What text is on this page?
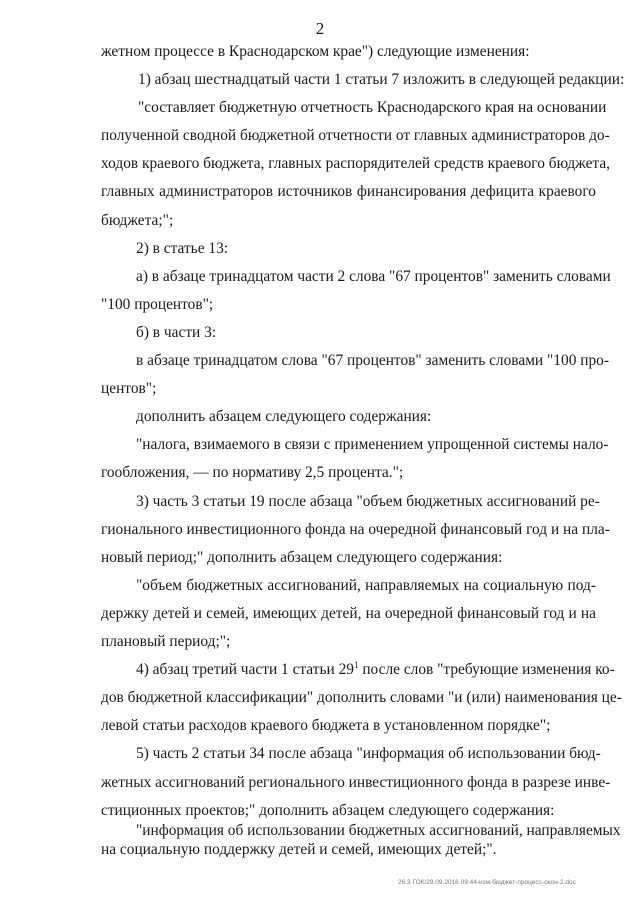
2

жетном процессе в Краснодарском крае") следующие изменения:

1) абзац шестнадцатый части 1 статьи 7 изложить в следующей редакции:

"составляет бюджетную отчетность Краснодарского края на основании

полученной сводной бюджетной отчетности от главных администраторов до-

ходов краевого бюджета, главных распорядителей средств краевого бюджета,

главных администраторов источников финансирования дефицита краевого

бюджета;";

2) в статье 13:

а) в абзаце тринадцатом части 2 слова "67 процентов" заменить словами

"100 процентов";

б) в части 3:

в абзаце тринадцатом слова "67 процентов" заменить словами "100 про-

центов";

дополнить абзацем следующего содержания:

"налога, взимаемого в связи с применением упрощенной системы нало-

гообложения, — по нормативу 2,5 процента.";

3) часть 3 статьи 19 после абзаца "объем бюджетных ассигнований ре-

гионального инвестиционного фонда на очередной финансовый год и на пла-

новый период;" дополнить абзацем следующего содержания:

"объем бюджетных ассигнований, направляемых на социальную под-

держку детей и семей, имеющих детей, на очередной финансовый год и на

плановый период;";

4) абзац третий части 1 статьи $29^1$ после слов "требующие изменения ко-

дов бюджетной классификации" дополнить словами "и (или) наименования це-

левой статьи расходов краевого бюджета в установленном порядке";

5) часть 2 статьи 34 после абзаца "информация об использовании бюд-

жетных ассигнований регионального инвестиционного фонда в разрезе инве-

стиционных проектов;" дополнить абзацем следующего содержания:

"информация об использовании бюджетных ассигнований, направляемых

на социальную поддержку детей и семей, имеющих детей;".

26.3 ГОК/29.09.2016 09:44-изм-бюджет-процесс-окон-2.doc
